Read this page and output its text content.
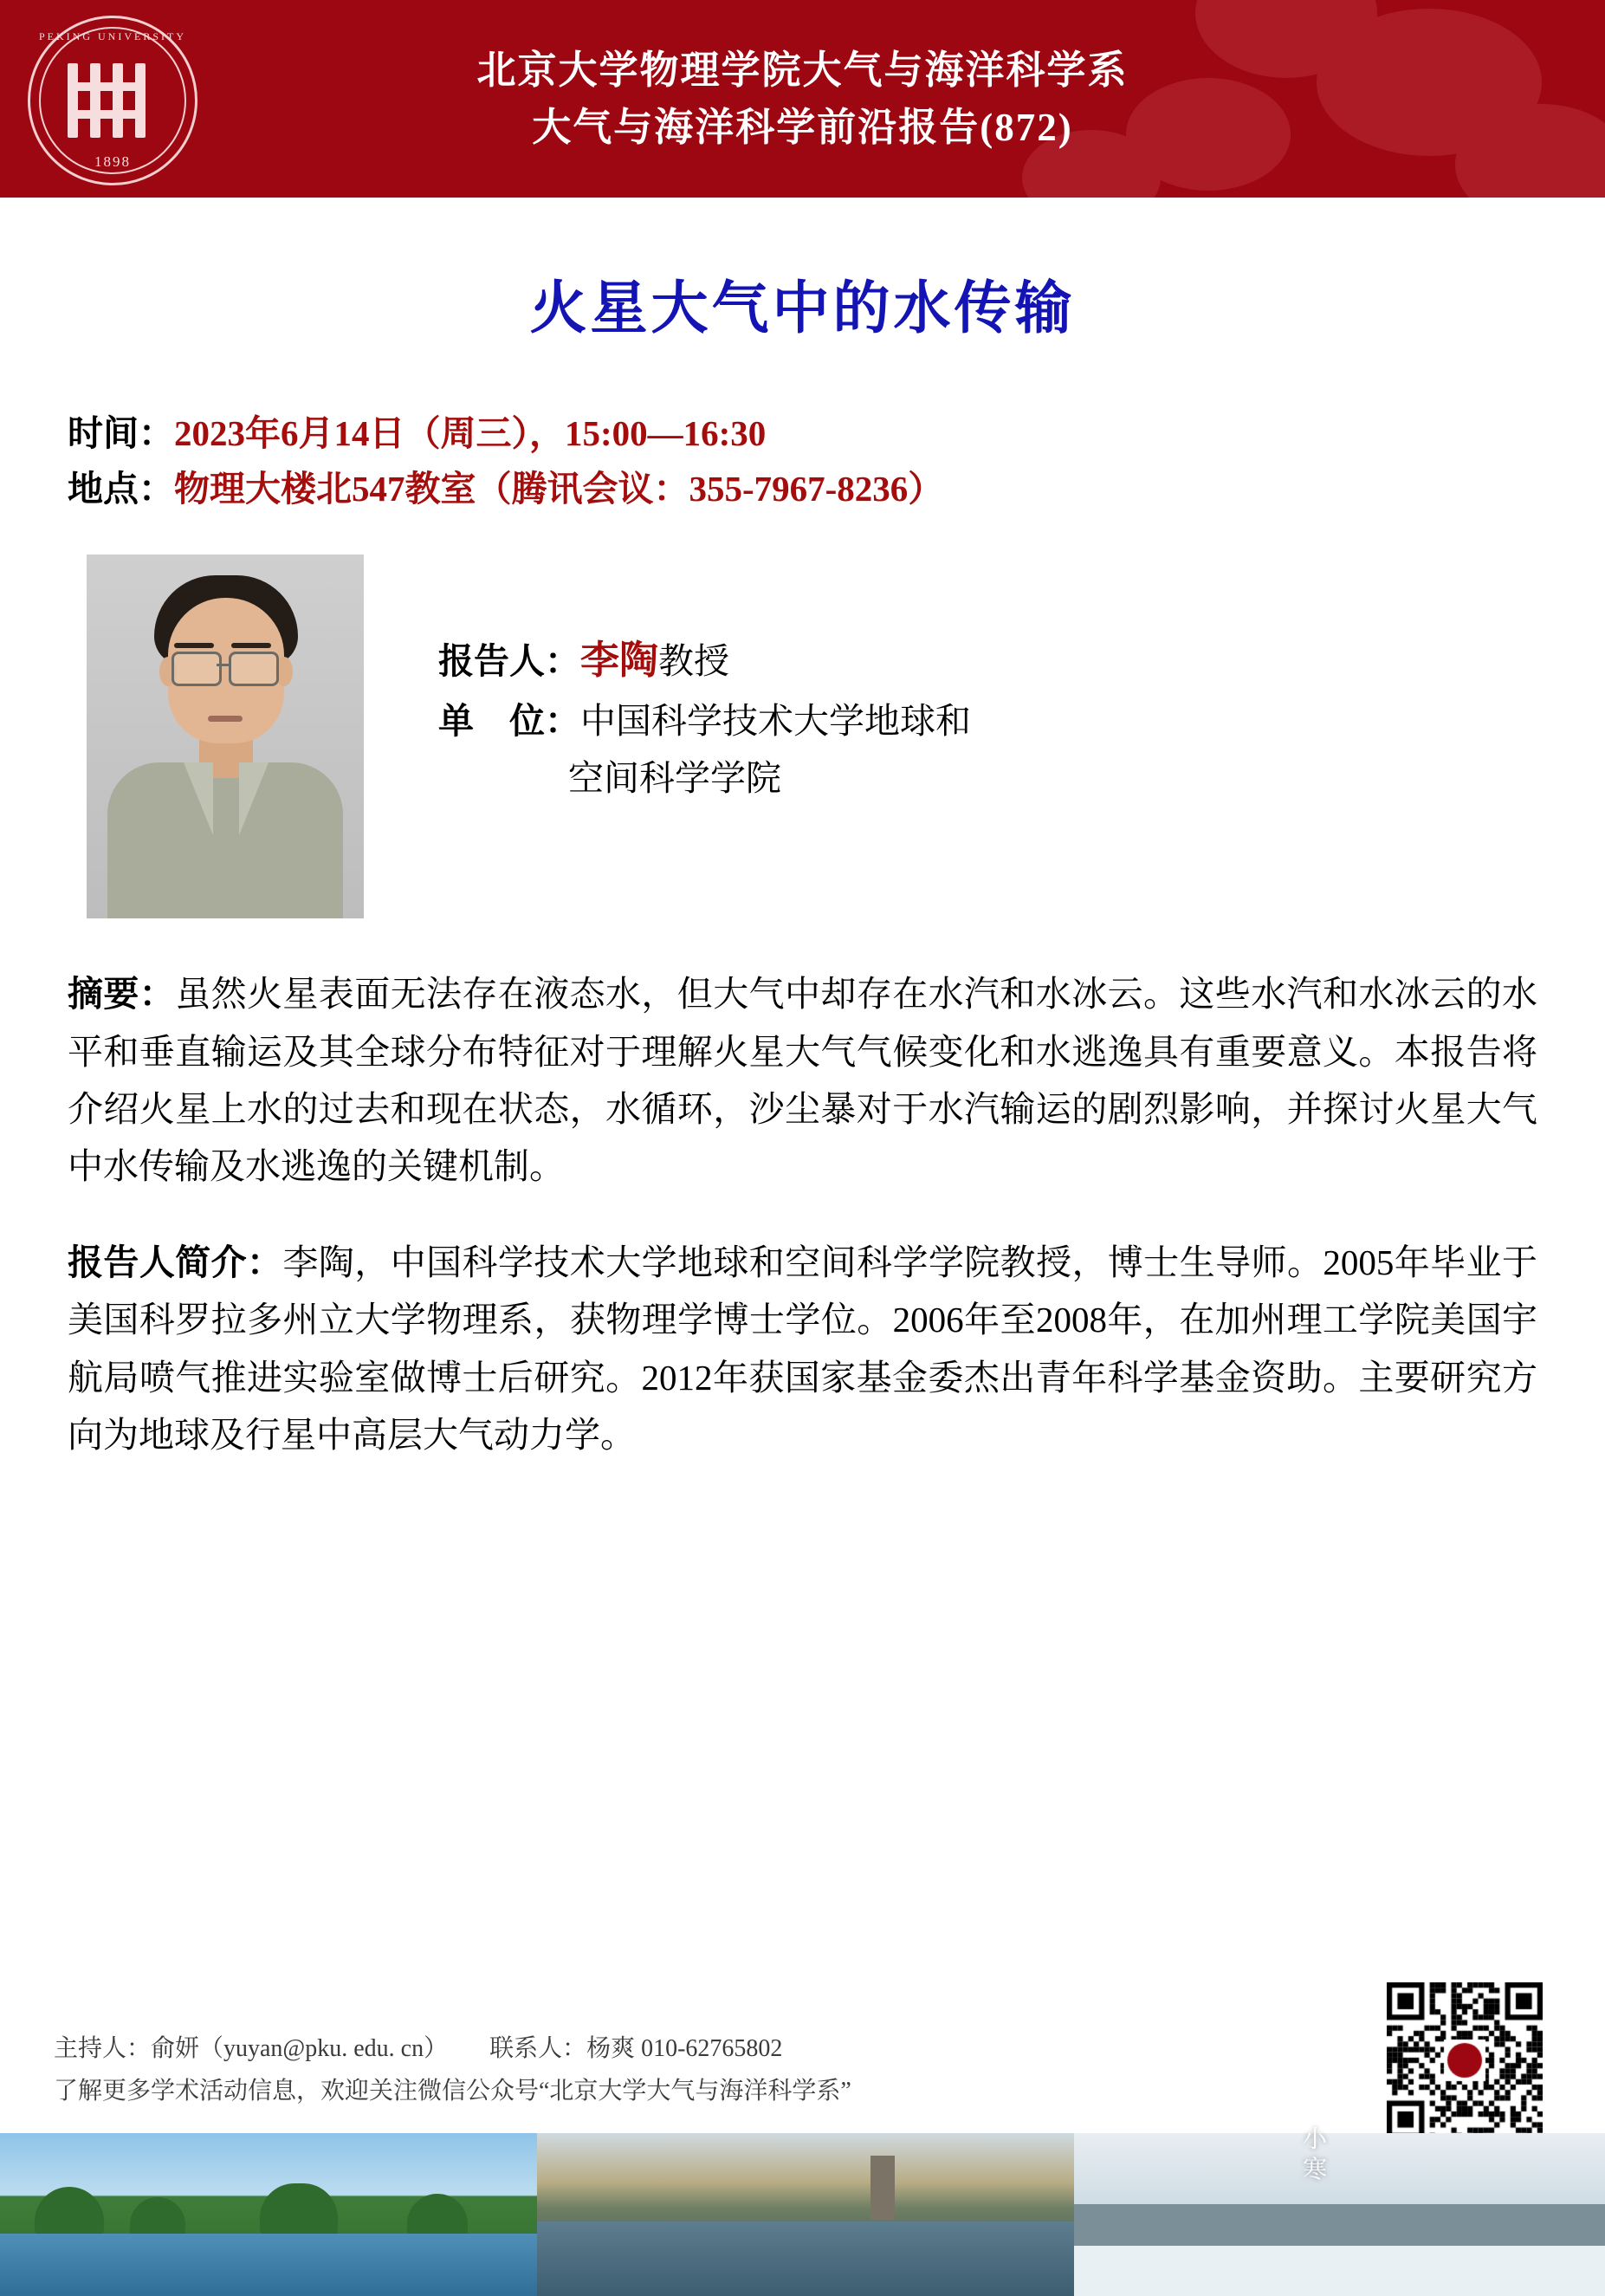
PEKING UNIVERSITY
1898
北京大学物理学院大气与海洋科学系
大气与海洋科学前沿报告(872)
火星大气中的水传输
时间：2023年6月14日（周三），15:00—16:30
地点：物理大楼北547教室（腾讯会议：355-7967-8236）
报告人：李陶教授
单　位：中国科学技术大学地球和
空间科学学院
摘要：虽然火星表面无法存在液态水，但大气中却存在水汽和水冰云。这些水汽和水冰云的水平和垂直输运及其全球分布特征对于理解火星大气气候变化和水逃逸具有重要意义。本报告将介绍火星上水的过去和现在状态，水循环，沙尘暴对于水汽输运的剧烈影响，并探讨火星大气中水传输及水逃逸的关键机制。
报告人简介：李陶，中国科学技术大学地球和空间科学学院教授，博士生导师。2005年毕业于美国科罗拉多州立大学物理系，获物理学博士学位。2006年至2008年，在加州理工学院美国宇航局喷气推进实验室做博士后研究。2012年获国家基金委杰出青年科学基金资助。主要研究方向为地球及行星中高层大气动力学。
主持人：俞妍（yuyan@pku. edu. cn） 联系人：杨爽 010-62765802
了解更多学术活动信息，欢迎关注微信公众号“北京大学大气与海洋科学系”
小寒
